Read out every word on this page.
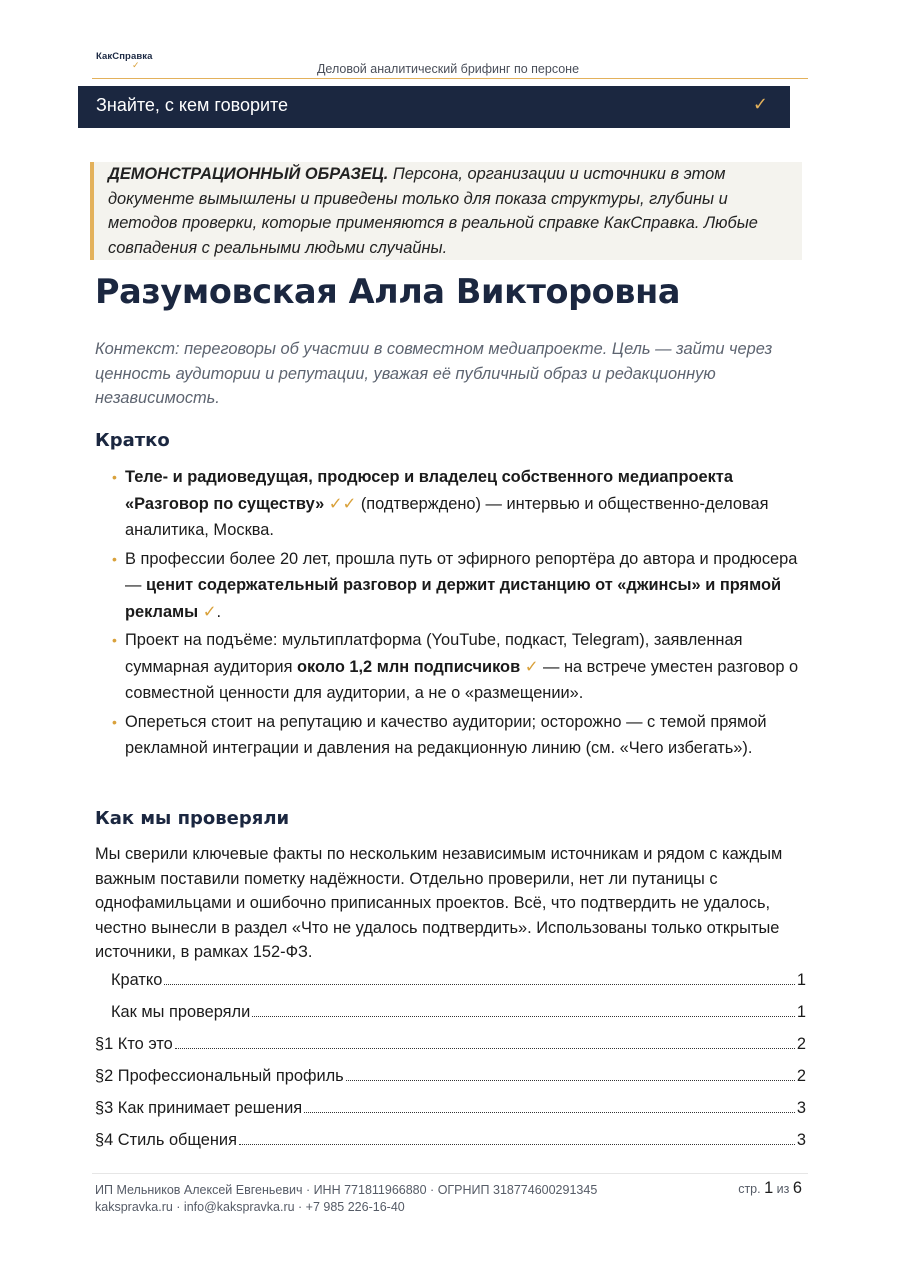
КакСправка
✓	Деловой аналитический брифинг по персоне
Знайте, с кем говорите	✓

ДЕМОНСТРАЦИОННЫЙ ОБРАЗЕЦ. Персона, организации и источники в этом документе вымышлены и приведены только для показа структуры, глубины и методов проверки, которые применяются в реальной справке КакСправка. Любые совпадения с реальными людьми случайны.

Разумовская Алла Викторовна

Контекст: переговоры об участии в совместном медиапроекте. Цель — зайти через ценность аудитории и репутации, уважая её публичный образ и редакционную независимость.

Кратко
• Теле- и радиоведущая, продюсер и владелец собственного медиапроекта «Разговор по существу» ✓✓ (подтверждено) — интервью и общественно-деловая аналитика, Москва.
• В профессии более 20 лет, прошла путь от эфирного репортёра до автора и продюсера — ценит содержательный разговор и держит дистанцию от «джинсы» и прямой рекламы ✓.
• Проект на подъёме: мультиплатформа (YouTube, подкаст, Telegram), заявленная суммарная аудитория около 1,2 млн подписчиков ✓ — на встрече уместен разговор о совместной ценности для аудитории, а не о «размещении».
• Опереться стоит на репутацию и качество аудитории; осторожно — с темой прямой рекламной интеграции и давления на редакционную линию (см. «Чего избегать»).
Как мы проверяли

Мы сверили ключевые факты по нескольким независимым источникам и рядом с каждым важным поставили пометку надёжности. Отдельно проверили, нет ли путаницы с однофамильцами и ошибочно приписанных проектов. Всё, что подтвердить не удалось, честно вынесли в раздел «Что не удалось подтвердить». Использованы только открытые источники, в рамках 152-ФЗ.

Кратко	1
Как мы проверяли	1
§1 Кто это	2
§2 Профессиональный профиль	2
§3 Как принимает решения	3
§4 Стиль общения	3
ИП Мельников Алексей Евгеньевич · ИНН 771811966880 · ОГРНИП 318774600291345
kakspravka.ru · info@kakspravka.ru · +7 985 226-16-40
стр. 1 из 6
